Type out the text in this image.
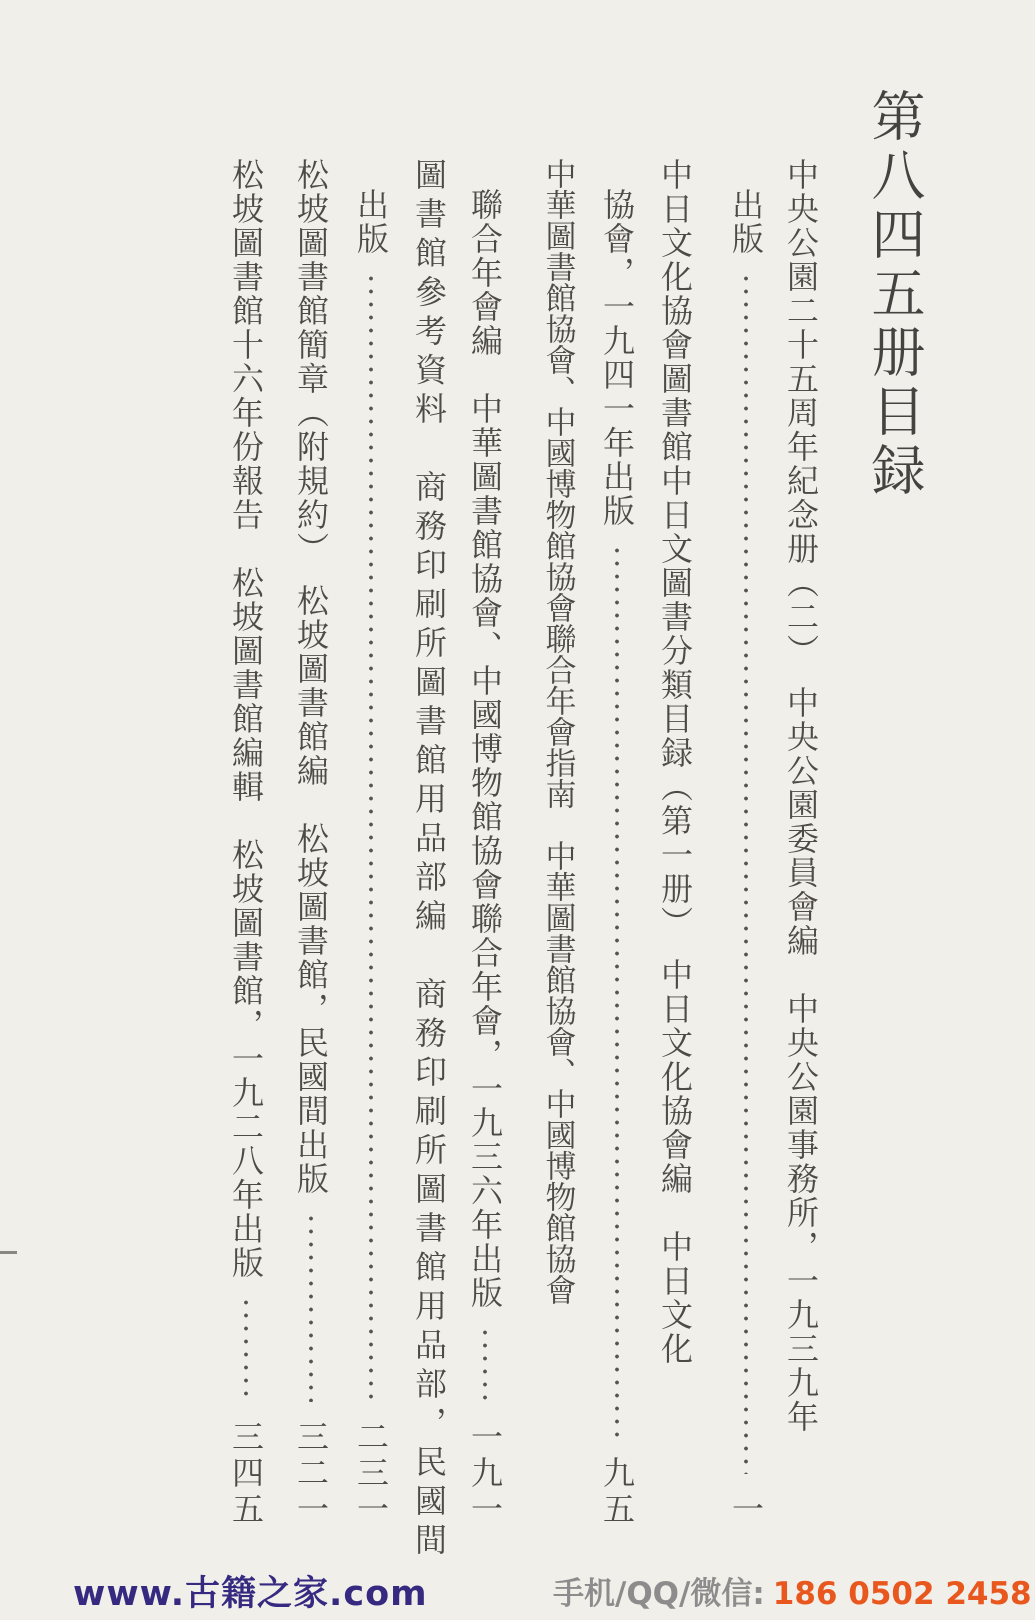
第八四五册目録
中央公園二十五周年紀念册（二）　中央公園委員會編　中央公園事務所，一九三九年
出版
一
中日文化協會圖書館中日文圖書分類目録（第一册）　中日文化協會編　中日文化
協會，一九四一年出版
九五
中華圖書館協會、中國博物館協會聯合年會指南　中華圖書館協會、中國博物館協會
聯合年會編　中華圖書館協會、中國博物館協會聯合年會，一九三六年出版
一九一
圖書館參考資料　商務印刷所圖書館用品部編　商務印刷所圖書館用品部，民國間
出版
二三一
松坡圖書館簡章（附規約）　松坡圖書館編　松坡圖書館，民國間出版
三二一
松坡圖書館十六年份報告　松坡圖書館編輯　松坡圖書館，一九二八年出版
三四五
www.古籍之家.com	手机/QQ/微信: 186 0502 2458
